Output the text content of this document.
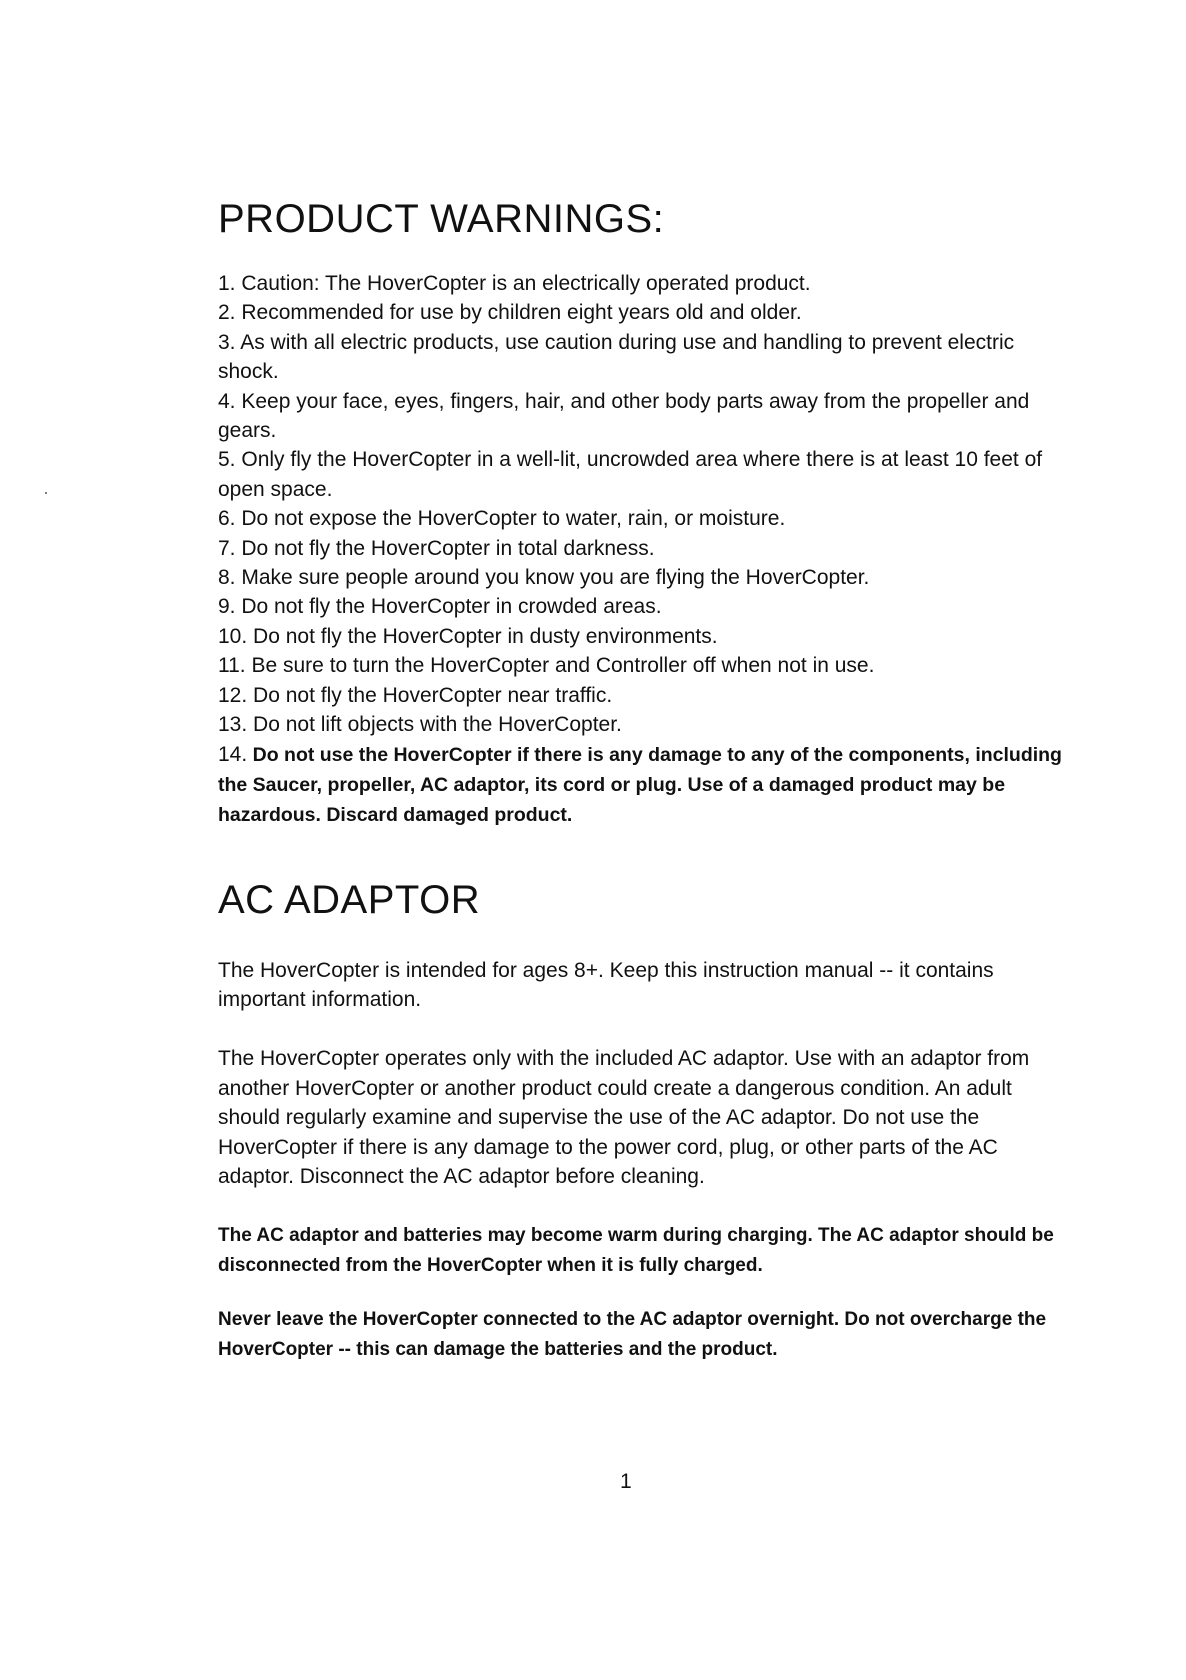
PRODUCT WARNINGS:
1. Caution: The HoverCopter is an electrically operated product.
2. Recommended for use by children eight years old and older.
3. As with all electric products, use caution during use and handling to prevent electric shock.
4. Keep your face, eyes, fingers, hair, and other body parts away from the propeller and gears.
5. Only fly the HoverCopter in a well-lit, uncrowded area where there is at least 10 feet of open space.
6. Do not expose the HoverCopter to water, rain, or moisture.
7. Do not fly the HoverCopter in total darkness.
8. Make sure people around you know you are flying the HoverCopter.
9. Do not fly the HoverCopter in crowded areas.
10. Do not fly the HoverCopter in dusty environments.
11. Be sure to turn the HoverCopter and Controller off when not in use.
12. Do not fly the HoverCopter near traffic.
13. Do not lift objects with the HoverCopter.
14. Do not use the HoverCopter if there is any damage to any of the components, including the Saucer, propeller, AC adaptor, its cord or plug. Use of a damaged product may be hazardous. Discard damaged product.
AC ADAPTOR

The HoverCopter is intended for ages 8+. Keep this instruction manual -- it contains important information.

The HoverCopter operates only with the included AC adaptor. Use with an adaptor from another HoverCopter or another product could create a dangerous condition. An adult should regularly examine and supervise the use of the AC adaptor. Do not use the HoverCopter if there is any damage to the power cord, plug, or other parts of the AC adaptor. Disconnect the AC adaptor before cleaning.

The AC adaptor and batteries may become warm during charging. The AC adaptor should be disconnected from the HoverCopter when it is fully charged.

Never leave the HoverCopter connected to the AC adaptor overnight. Do not overcharge the HoverCopter -- this can damage the batteries and the product.

1
